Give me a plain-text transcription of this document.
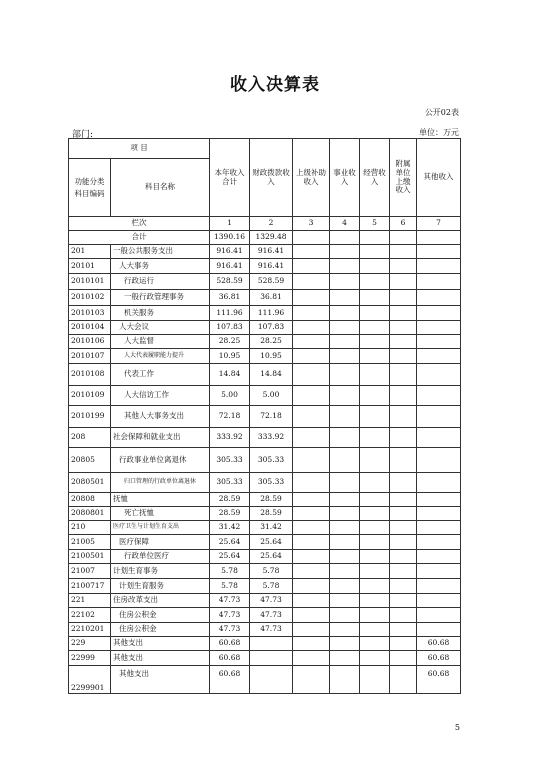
收入决算表
公开02表
部门:	单位：万元
项 目		本年收入合计	财政拨款收入	上级补助收入	事业收入	经营收入	附属单位上缴收入	其他收入
功能分类科目编码	科目名称							
栏次		1	2	3	4	5	6	7
合计		1390.16	1329.48					
201	一般公共服务支出	916.41	916.41					
20101	人大事务	916.41	916.41					
2010101	行政运行	528.59	528.59					
2010102	一般行政管理事务	36.81	36.81					
2010103	机关服务	111.96	111.96					
2010104	人大会议	107.83	107.83					
2010106	人大监督	28.25	28.25					
2010107	人大代表履职能力提升	10.95	10.95					
2010108	代表工作	14.84	14.84					
2010109	人大信访工作	5.00	5.00					
2010199	其他人大事务支出	72.18	72.18					
208	社会保障和就业支出	333.92	333.92					
20805	行政事业单位离退休	305.33	305.33					
2080501	归口管理的行政单位离退休	305.33	305.33					
20808	抚恤	28.59	28.59					
2080801	死亡抚恤	28.59	28.59					
210	医疗卫生与计划生育支出	31.42	31.42					
21005	医疗保障	25.64	25.64					
2100501	行政单位医疗	25.64	25.64					
21007	计划生育事务	5.78	5.78					
2100717	计划生育服务	5.78	5.78					
221	住房改革支出	47.73	47.73					
22102	住房公积金	47.73	47.73					
2210201	住房公积金	47.73	47.73					
229	其他支出	60.68						60.68
22999	其他支出	60.68						60.68
2299901	其他支出	60.68						60.68
5
